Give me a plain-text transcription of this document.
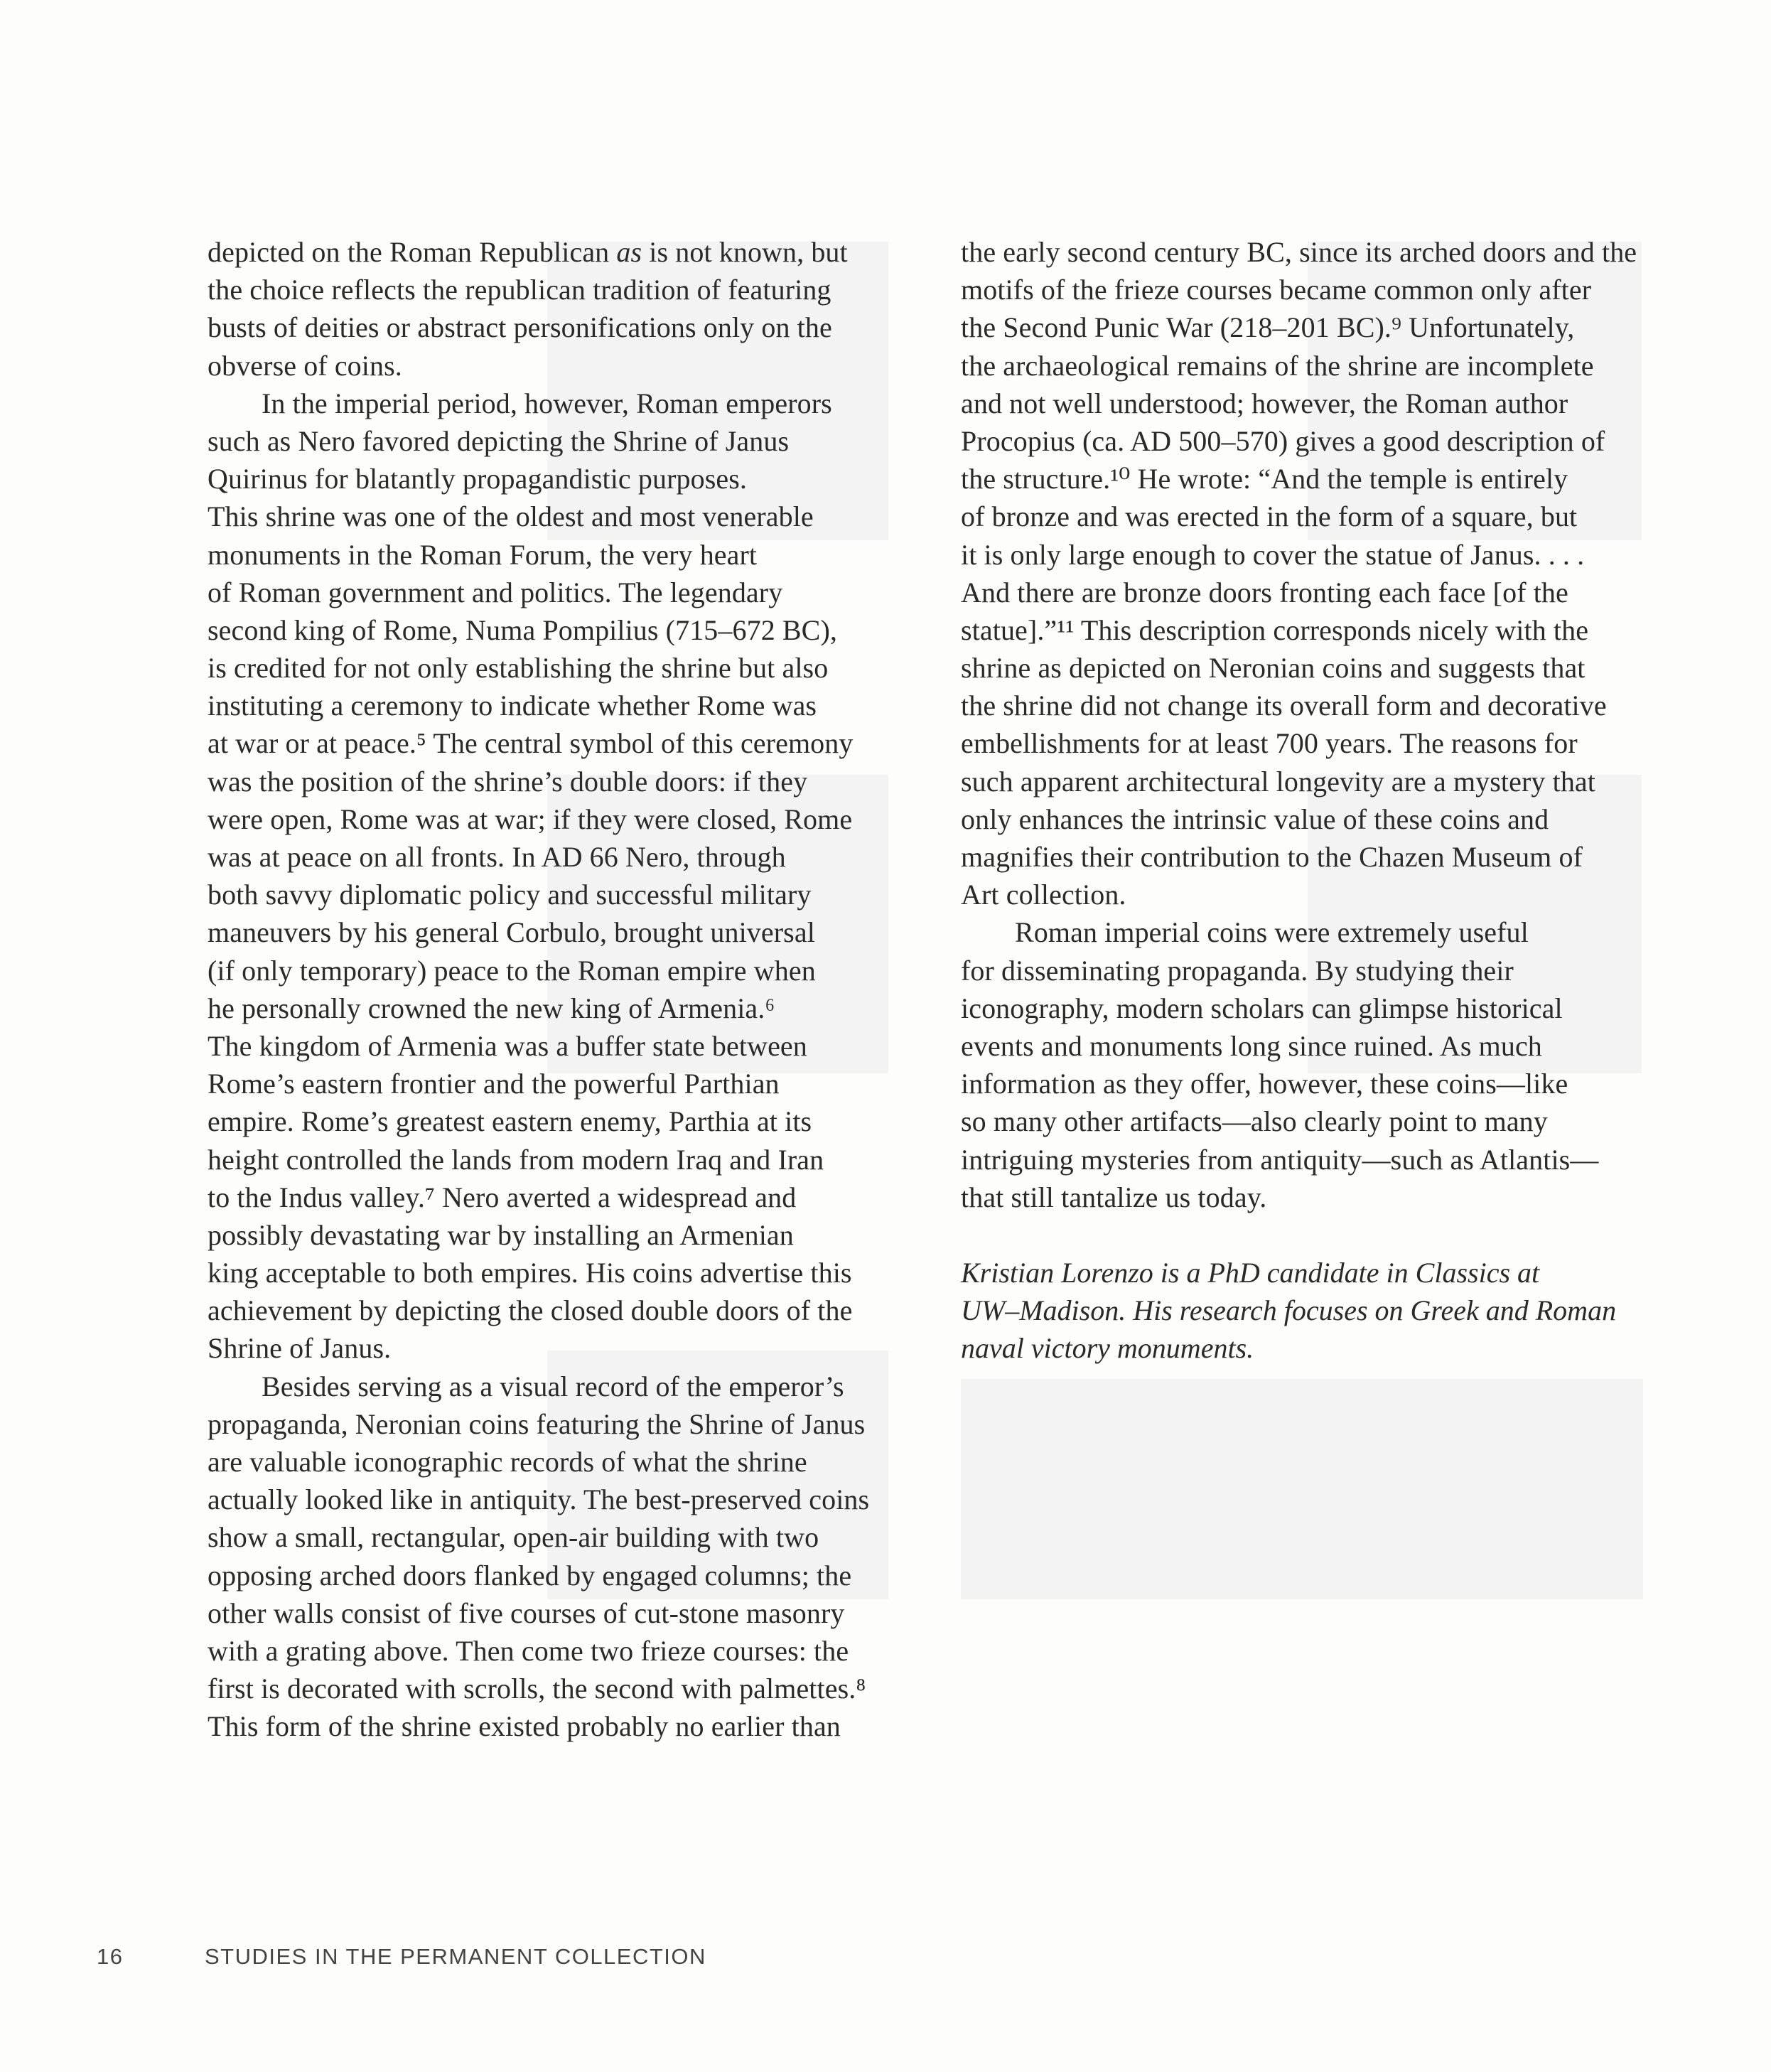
depicted on the Roman Republican as is not known, but
the choice reflects the republican tradition of featuring
busts of deities or abstract personifications only on the
obverse of coins.
In the imperial period, however, Roman emperors
such as Nero favored depicting the Shrine of Janus
Quirinus for blatantly propagandistic purposes.
This shrine was one of the oldest and most venerable
monuments in the Roman Forum, the very heart
of Roman government and politics. The legendary
second king of Rome, Numa Pompilius (715–672 BC),
is credited for not only establishing the shrine but also
instituting a ceremony to indicate whether Rome was
at war or at peace.⁵ The central symbol of this ceremony
was the position of the shrine’s double doors: if they
were open, Rome was at war; if they were closed, Rome
was at peace on all fronts. In AD 66 Nero, through
both savvy diplomatic policy and successful military
maneuvers by his general Corbulo, brought universal
(if only temporary) peace to the Roman empire when
he personally crowned the new king of Armenia.⁶
The kingdom of Armenia was a buffer state between
Rome’s eastern frontier and the powerful Parthian
empire. Rome’s greatest eastern enemy, Parthia at its
height controlled the lands from modern Iraq and Iran
to the Indus valley.⁷ Nero averted a widespread and
possibly devastating war by installing an Armenian
king acceptable to both empires. His coins advertise this
achievement by depicting the closed double doors of the
Shrine of Janus.
Besides serving as a visual record of the emperor’s
propaganda, Neronian coins featuring the Shrine of Janus
are valuable iconographic records of what the shrine
actually looked like in antiquity. The best-preserved coins
show a small, rectangular, open-air building with two
opposing arched doors flanked by engaged columns; the
other walls consist of five courses of cut-stone masonry
with a grating above. Then come two frieze courses: the
first is decorated with scrolls, the second with palmettes.⁸
This form of the shrine existed probably no earlier than
the early second century BC, since its arched doors and the
motifs of the frieze courses became common only after
the Second Punic War (218–201 BC).⁹ Unfortunately,
the archaeological remains of the shrine are incomplete
and not well understood; however, the Roman author
Procopius (ca. AD 500–570) gives a good description of
the structure.¹⁰ He wrote: “And the temple is entirely
of bronze and was erected in the form of a square, but
it is only large enough to cover the statue of Janus. . . .
And there are bronze doors fronting each face [of the
statue].”¹¹ This description corresponds nicely with the
shrine as depicted on Neronian coins and suggests that
the shrine did not change its overall form and decorative
embellishments for at least 700 years. The reasons for
such apparent architectural longevity are a mystery that
only enhances the intrinsic value of these coins and
magnifies their contribution to the Chazen Museum of
Art collection.
Roman imperial coins were extremely useful
for disseminating propaganda. By studying their
iconography, modern scholars can glimpse historical
events and monuments long since ruined. As much
information as they offer, however, these coins—like
so many other artifacts—also clearly point to many
intriguing mysteries from antiquity—such as Atlantis—
that still tantalize us today.
Kristian Lorenzo is a PhD candidate in Classics at
UW–Madison. His research focuses on Greek and Roman
naval victory monuments.
16	STUDIES IN THE PERMANENT COLLECTION
